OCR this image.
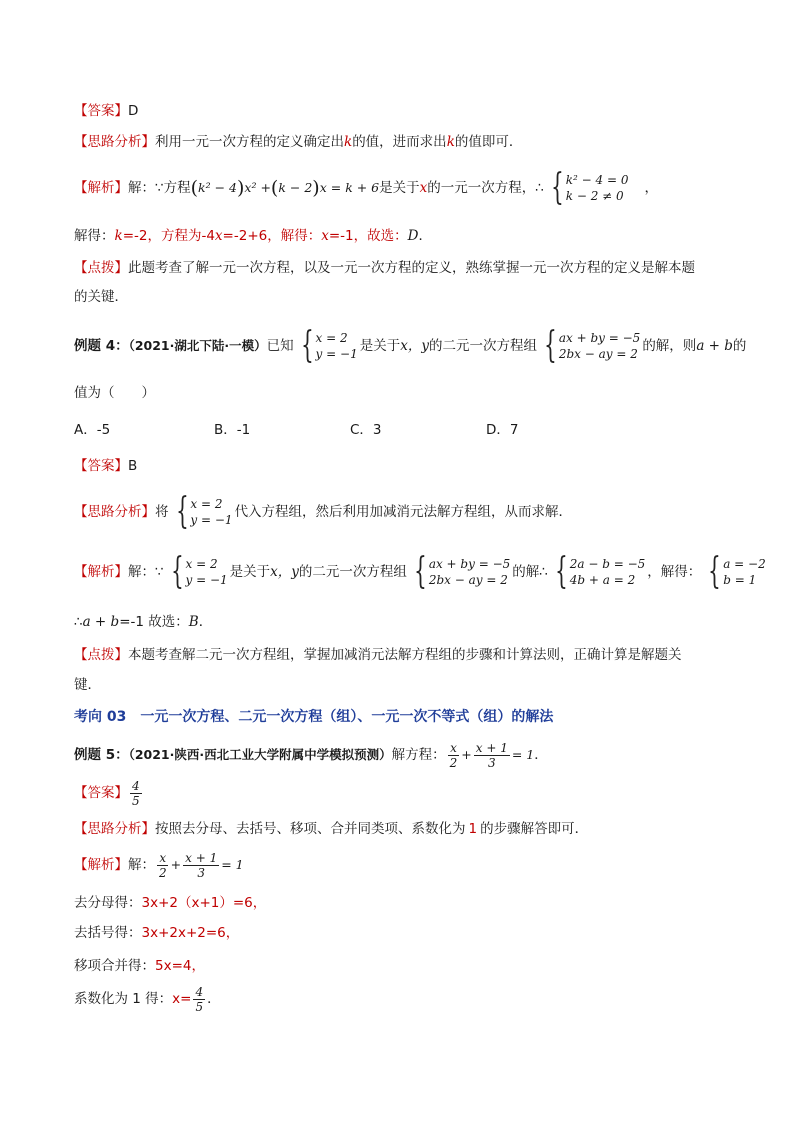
【答案】D
【思路分析】利用一元一次方程的定义确定出k的值，进而求出k的值即可．
【解析】解：∵方程(k² − 4)x² +(k − 2)x = k + 6是关于x的一元一次方程，∴ { k² − 4 = 0
k − 2 ≠ 0	，
解得：k=-2，方程为-4x=-2+6，解得：x=-1，故选：D．
【点拨】此题考查了解一元一次方程，以及一元一次方程的定义，熟练掌握一元一次方程的定义是解本题
的关键．
例题 4：（2021·湖北下陆·一模）已知 { x = 2
y = −1 是关于x，y的二元一次方程组 { ax + by = −5
2bx − ay = 2 的解，则a + b的
值为（　　）
A．-5	B．-1	C．3	D．7
【答案】B
【思路分析】将 { x = 2
y = −1 代入方程组，然后利用加减消元法解方程组，从而求解．
【解析】解：∵ { x = 2
y = −1 是关于x，y的二元一次方程组 { ax + by = −5
2bx − ay = 2 的解∴ { 2a − b = −5
4b + a = 2 ，解得： { a = −2
b = 1
∴a + b=-1 故选：B．
【点拨】本题考查解二元一次方程组，掌握加减消元法解方程组的步骤和计算法则，正确计算是解题关
键．
考向 03　一元一次方程、二元一次方程（组）、一元一次不等式（组）的解法
例题 5：（2021·陕西·西北工业大学附属中学模拟预测）解方程： $\frac{x}{2} + \frac{x + 1}{3} = 1$．
【答案】 $\frac{4}{5}$
【思路分析】按照去分母、去括号、移项、合并同类项、系数化为 1 的步骤解答即可．
【解析】解： $\frac{x}{2} + \frac{x + 1}{3} = 1$
去分母得：3x+2（x+1）=6，
去括号得：3x+2x+2=6，
移项合并得：5x=4，
系数化为 1 得：$x= \frac{4}{5}$ ．
